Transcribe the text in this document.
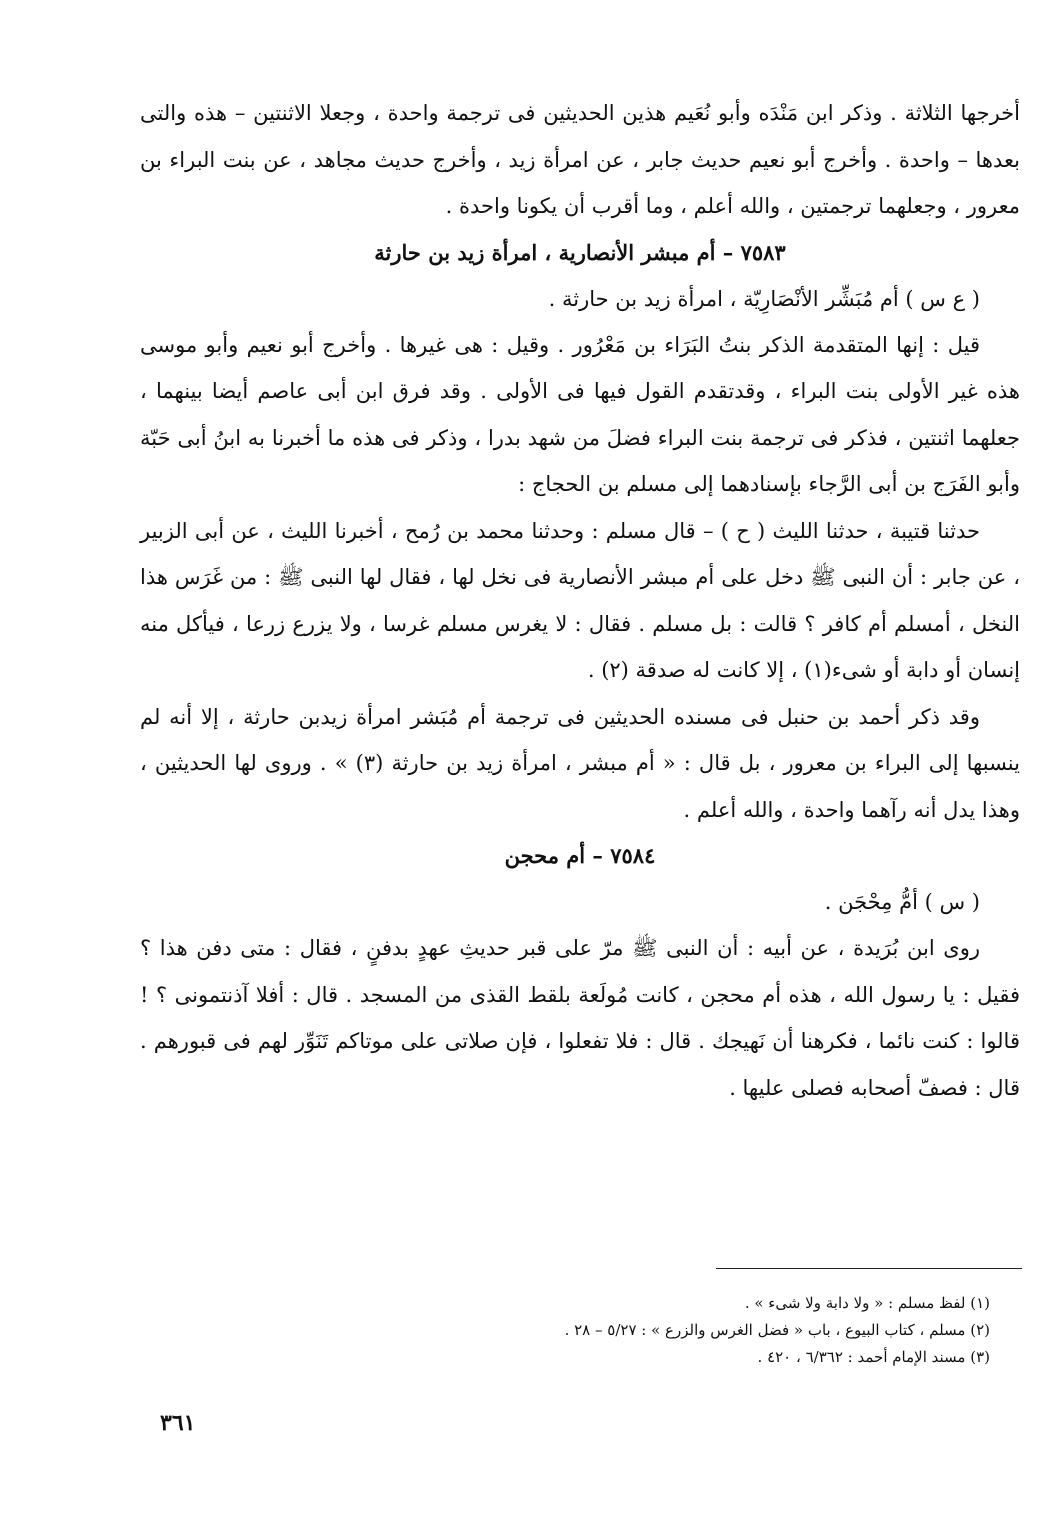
أخرجها الثلاثة . وذكر ابن مَنْدَه وأبو نُعَيم هذين الحديثين فى ترجمة واحدة ، وجعلا الاثنتين – هذه والتى بعدها – واحدة . وأخرج أبو نعيم حديث جابر ، عن امرأة زيد ، وأخرج حديث مجاهد ، عن بنت البراء بن معرور ، وجعلهما ترجمتين ، والله أعلم ، وما أقرب أن يكونا واحدة .

٧٥٨٣ – أم مبشر الأنصارية ، امرأة زيد بن حارثة

( ع س ) أم مُبَشِّر الأنْصَارِيّة ، امرأة زيد بن حارثة .

قيل : إنها المتقدمة الذكر بنتُ البَرَاء بن مَعْرُور . وقيل : هى غيرها . وأخرج أبو نعيم وأبو موسى هذه غير الأولى بنت البراء ، وقدتقدم القول فيها فى الأولى . وقد فرق ابن أبى عاصم أيضا بينهما ، جعلهما اثنتين ، فذكر فى ترجمة بنت البراء فضلَ من شهد بدرا ، وذكر فى هذه ما أخبرنا به ابنُ أبى حَبّة وأبو الفَرَج بن أبى الرَّجاء بإسنادهما إلى مسلم بن الحجاج :

حدثنا قتيبة ، حدثنا الليث ( ح ) – قال مسلم : وحدثنا محمد بن رُمح ، أخبرنا الليث ، عن أبى الزبير ، عن جابر : أن النبى ﷺ دخل على أم مبشر الأنصارية فى نخل لها ، فقال لها النبى ﷺ : من غَرَس هذا النخل ، أمسلم أم كافر ؟ قالت : بل مسلم . فقال : لا يغرس مسلم غرسا ، ولا يزرع زرعا ، فيأكل منه إنسان أو دابة أو شىء(١) ، إلا كانت له صدقة (٢) .

وقد ذكر أحمد بن حنبل فى مسنده الحديثين فى ترجمة أم مُبَشر امرأة زيدبن حارثة ، إلا أنه لم ينسبها إلى البراء بن معرور ، بل قال : « أم مبشر ، امرأة زيد بن حارثة (٣) » . وروى لها الحديثين ، وهذا يدل أنه رآهما واحدة ، والله أعلم .

٧٥٨٤ – أم محجن

( س ) أمُّ مِحْجَن .

روى ابن بُرَيدة ، عن أبيه : أن النبى ﷺ مرّ على قبر حديثِ عهدٍ بدفنٍ ، فقال : متى دفن هذا ؟ فقيل : يا رسول الله ، هذه أم محجن ، كانت مُولَعة بلقط القذى من المسجد . قال : أفلا آذنتمونى ؟ ! قالوا : كنت نائما ، فكرهنا أن نَهيجك . قال : فلا تفعلوا ، فإن صلاتى على موتاكم تَنَوِّر لهم فى قبورهم . قال : فصفّ أصحابه فصلى عليها .

(١) لفظ مسلم : « ولا دابة ولا شىء » .
(٢) مسلم ، كتاب البيوع ، باب « فضل الغرس والزرع » : ٥/٢٧ – ٢٨ .
(٣) مسند الإمام أحمد : ٦/٣٦٢ ، ٤٢٠ .
٣٦١
